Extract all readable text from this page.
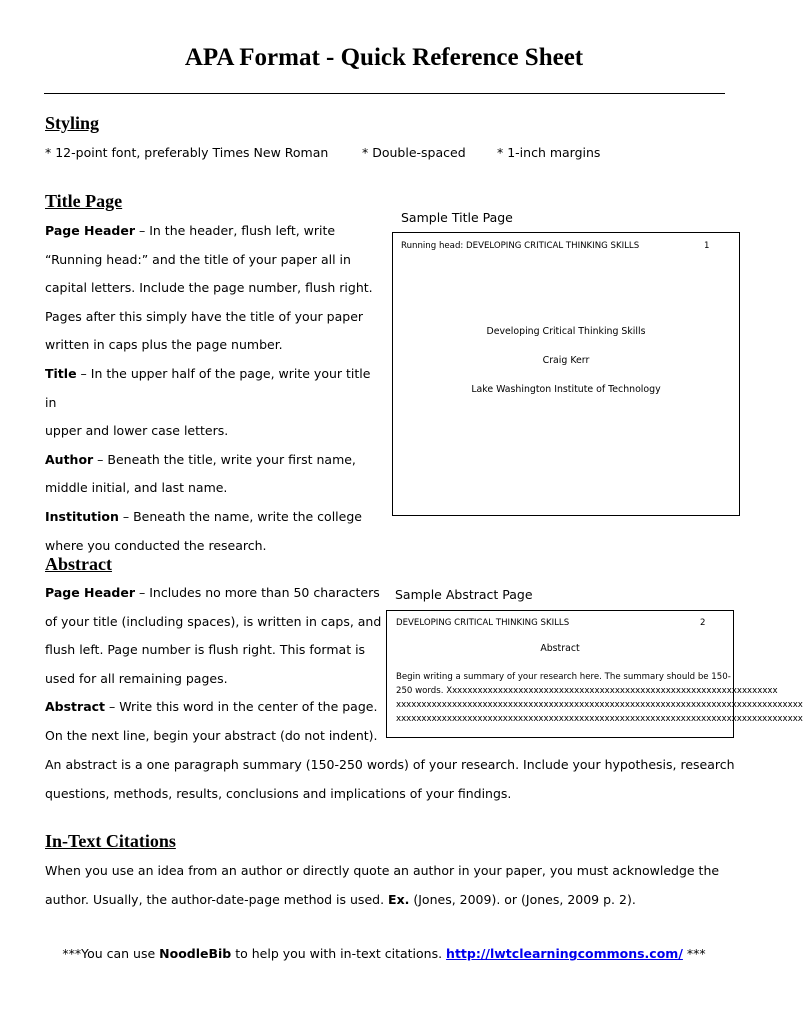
APA Format - Quick Reference Sheet
Styling
* 12-point font, preferably Times New Roman	* Double-spaced	* 1-inch margins
Title Page
Page Header – In the header, flush left, write
“Running head:” and the title of your paper all in
capital letters. Include the page number, flush right.
Pages after this simply have the title of your paper
written in caps plus the page number.
Title – In the upper half of the page, write your title in
upper and lower case letters.
Author – Beneath the title, write your first name,
middle initial, and last name.
Institution – Beneath the name, write the college
where you conducted the research.
Sample Title Page
Running head: DEVELOPING CRITICAL THINKING SKILLS	1
Developing Critical Thinking Skills
Craig Kerr
Lake Washington Institute of Technology
Abstract
Page Header – Includes no more than 50 characters
of your title (including spaces), is written in caps, and
flush left. Page number is flush right. This format is
used for all remaining pages.
Abstract – Write this word in the center of the page.
On the next line, begin your abstract (do not indent).
An abstract is a one paragraph summary (150-250 words) of your research. Include your hypothesis, research
questions, methods, results, conclusions and implications of your findings.
Sample Abstract Page
DEVELOPING CRITICAL THINKING SKILLS	2
Abstract
Begin writing a summary of your research here. The summary should be 150-
250 words. Xxxxxxxxxxxxxxxxxxxxxxxxxxxxxxxxxxxxxxxxxxxxxxxxxxxxxxxxxxxxxxxxx
xxxxxxxxxxxxxxxxxxxxxxxxxxxxxxxxxxxxxxxxxxxxxxxxxxxxxxxxxxxxxxxxxxxxxxxxxxxxxxxx
xxxxxxxxxxxxxxxxxxxxxxxxxxxxxxxxxxxxxxxxxxxxxxxxxxxxxxxxxxxxxxxxxxxxxxxxxxxxxxxx
In-Text Citations
When you use an idea from an author or directly quote an author in your paper, you must acknowledge the
author. Usually, the author-date-page method is used. Ex. (Jones, 2009). or (Jones, 2009 p. 2).
***You can use NoodleBib to help you with in-text citations. http://lwtclearningcommons.com/ ***
